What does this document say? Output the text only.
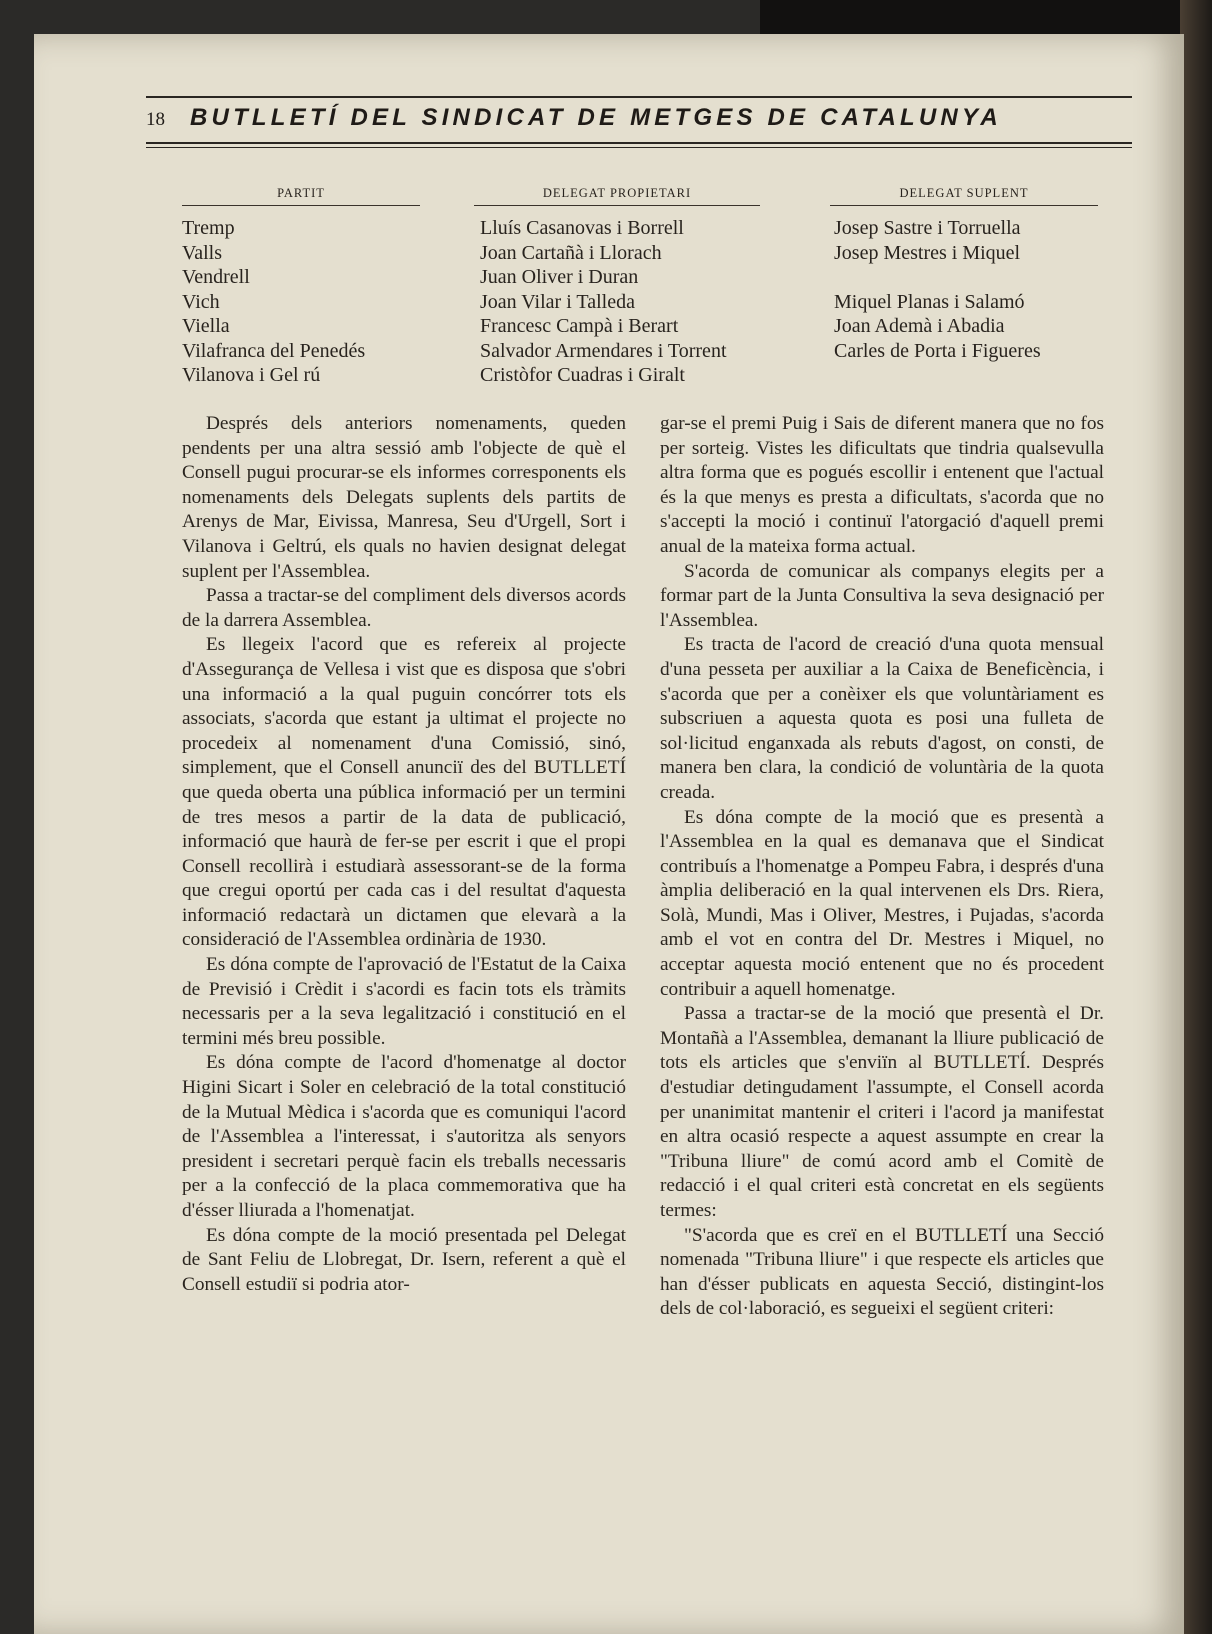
18 BUTLLETÍ DEL SINDICAT DE METGES DE CATALUNYA
PARTIT	DELEGAT PROPIETARI	DELEGAT SUPLENT
Tremp
Valls
Vendrell
Vich
Viella
Vilafranca del Penedés
Vilanova i Gel rú
Lluís Casanovas i Borrell
Joan Cartañà i Llorach
Juan Oliver i Duran
Joan Vilar i Talleda
Francesc Campà i Berart
Salvador Armendares i Torrent
Cristòfor Cuadras i Giralt
Josep Sastre i Torruella
Josep Mestres i Miquel
Miquel Planas i Salamó
Joan Ademà i Abadia
Carles de Porta i Figueres

Després dels anteriors nomenaments, queden pendents per una altra sessió amb l'objecte de què el Consell pugui procurar-se els informes corresponents els nomenaments dels Delegats suplents dels partits de Arenys de Mar, Eivissa, Manresa, Seu d'Urgell, Sort i Vilanova i Geltrú, els quals no havien designat delegat suplent per l'Assemblea.

Passa a tractar-se del compliment dels diversos acords de la darrera Assemblea.

Es llegeix l'acord que es refereix al projecte d'Assegurança de Vellesa i vist que es disposa que s'obri una informació a la qual puguin concórrer tots els associats, s'acorda que estant ja ultimat el projecte no procedeix al nomenament d'una Comissió, sinó, simplement, que el Consell anunciï des del BUTLLETÍ que queda oberta una pública informació per un termini de tres mesos a partir de la data de publicació, informació que haurà de fer-se per escrit i que el propi Consell recollirà i estudiarà assessorant-se de la forma que cregui oportú per cada cas i del resultat d'aquesta informació redactarà un dictamen que elevarà a la consideració de l'Assemblea ordinària de 1930.

Es dóna compte de l'aprovació de l'Estatut de la Caixa de Previsió i Crèdit i s'acordi es facin tots els tràmits necessaris per a la seva legalització i constitució en el termini més breu possible.

Es dóna compte de l'acord d'homenatge al doctor Higini Sicart i Soler en celebració de la total constitució de la Mutual Mèdica i s'acorda que es comuniqui l'acord de l'Assemblea a l'interessat, i s'autoritza als senyors president i secretari perquè facin els treballs necessaris per a la confecció de la placa commemorativa que ha d'ésser lliurada a l'homenatjat.

Es dóna compte de la moció presentada pel Delegat de Sant Feliu de Llobregat, Dr. Isern, referent a què el Consell estudiï si podria ator-

gar-se el premi Puig i Sais de diferent manera que no fos per sorteig. Vistes les dificultats que tindria qualsevulla altra forma que es pogués escollir i entenent que l'actual és la que menys es presta a dificultats, s'acorda que no s'accepti la moció i continuï l'atorgació d'aquell premi anual de la mateixa forma actual.

S'acorda de comunicar als companys elegits per a formar part de la Junta Consultiva la seva designació per l'Assemblea.

Es tracta de l'acord de creació d'una quota mensual d'una pesseta per auxiliar a la Caixa de Beneficència, i s'acorda que per a conèixer els que voluntàriament es subscriuen a aquesta quota es posi una fulleta de sol·licitud enganxada als rebuts d'agost, on consti, de manera ben clara, la condició de voluntària de la quota creada.

Es dóna compte de la moció que es presentà a l'Assemblea en la qual es demanava que el Sindicat contribuís a l'homenatge a Pompeu Fabra, i després d'una àmplia deliberació en la qual intervenen els Drs. Riera, Solà, Mundi, Mas i Oliver, Mestres, i Pujadas, s'acorda amb el vot en contra del Dr. Mestres i Miquel, no acceptar aquesta moció entenent que no és procedent contribuir a aquell homenatge.

Passa a tractar-se de la moció que presentà el Dr. Montañà a l'Assemblea, demanant la lliure publicació de tots els articles que s'enviïn al BUTLLETÍ. Després d'estudiar detingudament l'assumpte, el Consell acorda per unanimitat mantenir el criteri i l'acord ja manifestat en altra ocasió respecte a aquest assumpte en crear la "Tribuna lliure" de comú acord amb el Comitè de redacció i el qual criteri està concretat en els següents termes:

"S'acorda que es creï en el BUTLLETÍ una Secció nomenada "Tribuna lliure" i que respecte els articles que han d'ésser publicats en aquesta Secció, distingint-los dels de col·laboració, es segueixi el següent criteri:
